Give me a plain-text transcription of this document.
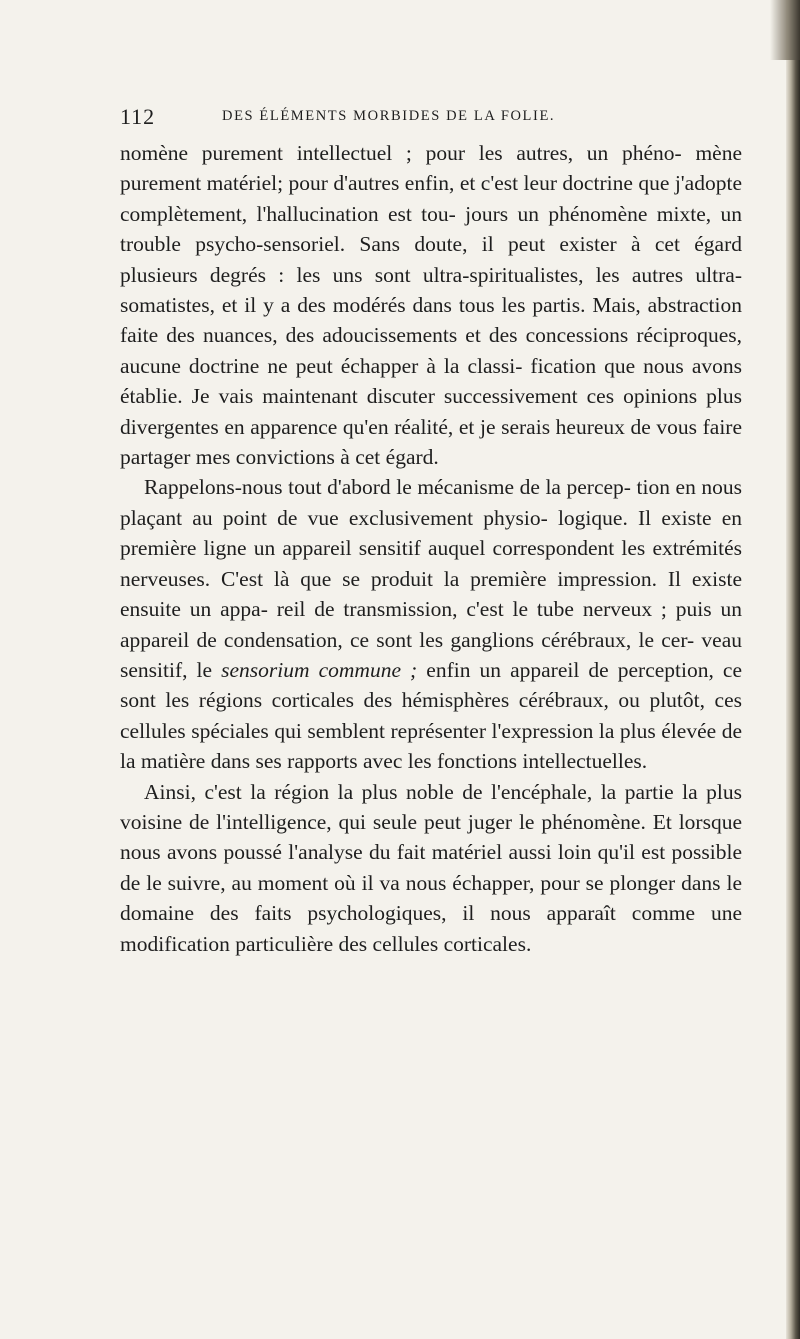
112	DES ÉLÉMENTS MORBIDES DE LA FOLIE.

nomène purement intellectuel ; pour les autres, un phéno- mène purement matériel; pour d'autres enfin, et c'est leur doctrine que j'adopte complètement, l'hallucination est tou- jours un phénomène mixte, un trouble psycho-sensoriel. Sans doute, il peut exister à cet égard plusieurs degrés : les uns sont ultra-spiritualistes, les autres ultra-somatistes, et il y a des modérés dans tous les partis. Mais, abstraction faite des nuances, des adoucissements et des concessions réciproques, aucune doctrine ne peut échapper à la classi- fication que nous avons établie. Je vais maintenant discuter successivement ces opinions plus divergentes en apparence qu'en réalité, et je serais heureux de vous faire partager mes convictions à cet égard.

Rappelons-nous tout d'abord le mécanisme de la percep- tion en nous plaçant au point de vue exclusivement physio- logique. Il existe en première ligne un appareil sensitif auquel correspondent les extrémités nerveuses. C'est là que se produit la première impression. Il existe ensuite un appa- reil de transmission, c'est le tube nerveux ; puis un appareil de condensation, ce sont les ganglions cérébraux, le cer- veau sensitif, le sensorium commune ; enfin un appareil de perception, ce sont les régions corticales des hémisphères cérébraux, ou plutôt, ces cellules spéciales qui semblent représenter l'expression la plus élevée de la matière dans ses rapports avec les fonctions intellectuelles.

Ainsi, c'est la région la plus noble de l'encéphale, la partie la plus voisine de l'intelligence, qui seule peut juger le phénomène. Et lorsque nous avons poussé l'analyse du fait matériel aussi loin qu'il est possible de le suivre, au moment où il va nous échapper, pour se plonger dans le domaine des faits psychologiques, il nous apparaît comme une modification particulière des cellules corticales.
